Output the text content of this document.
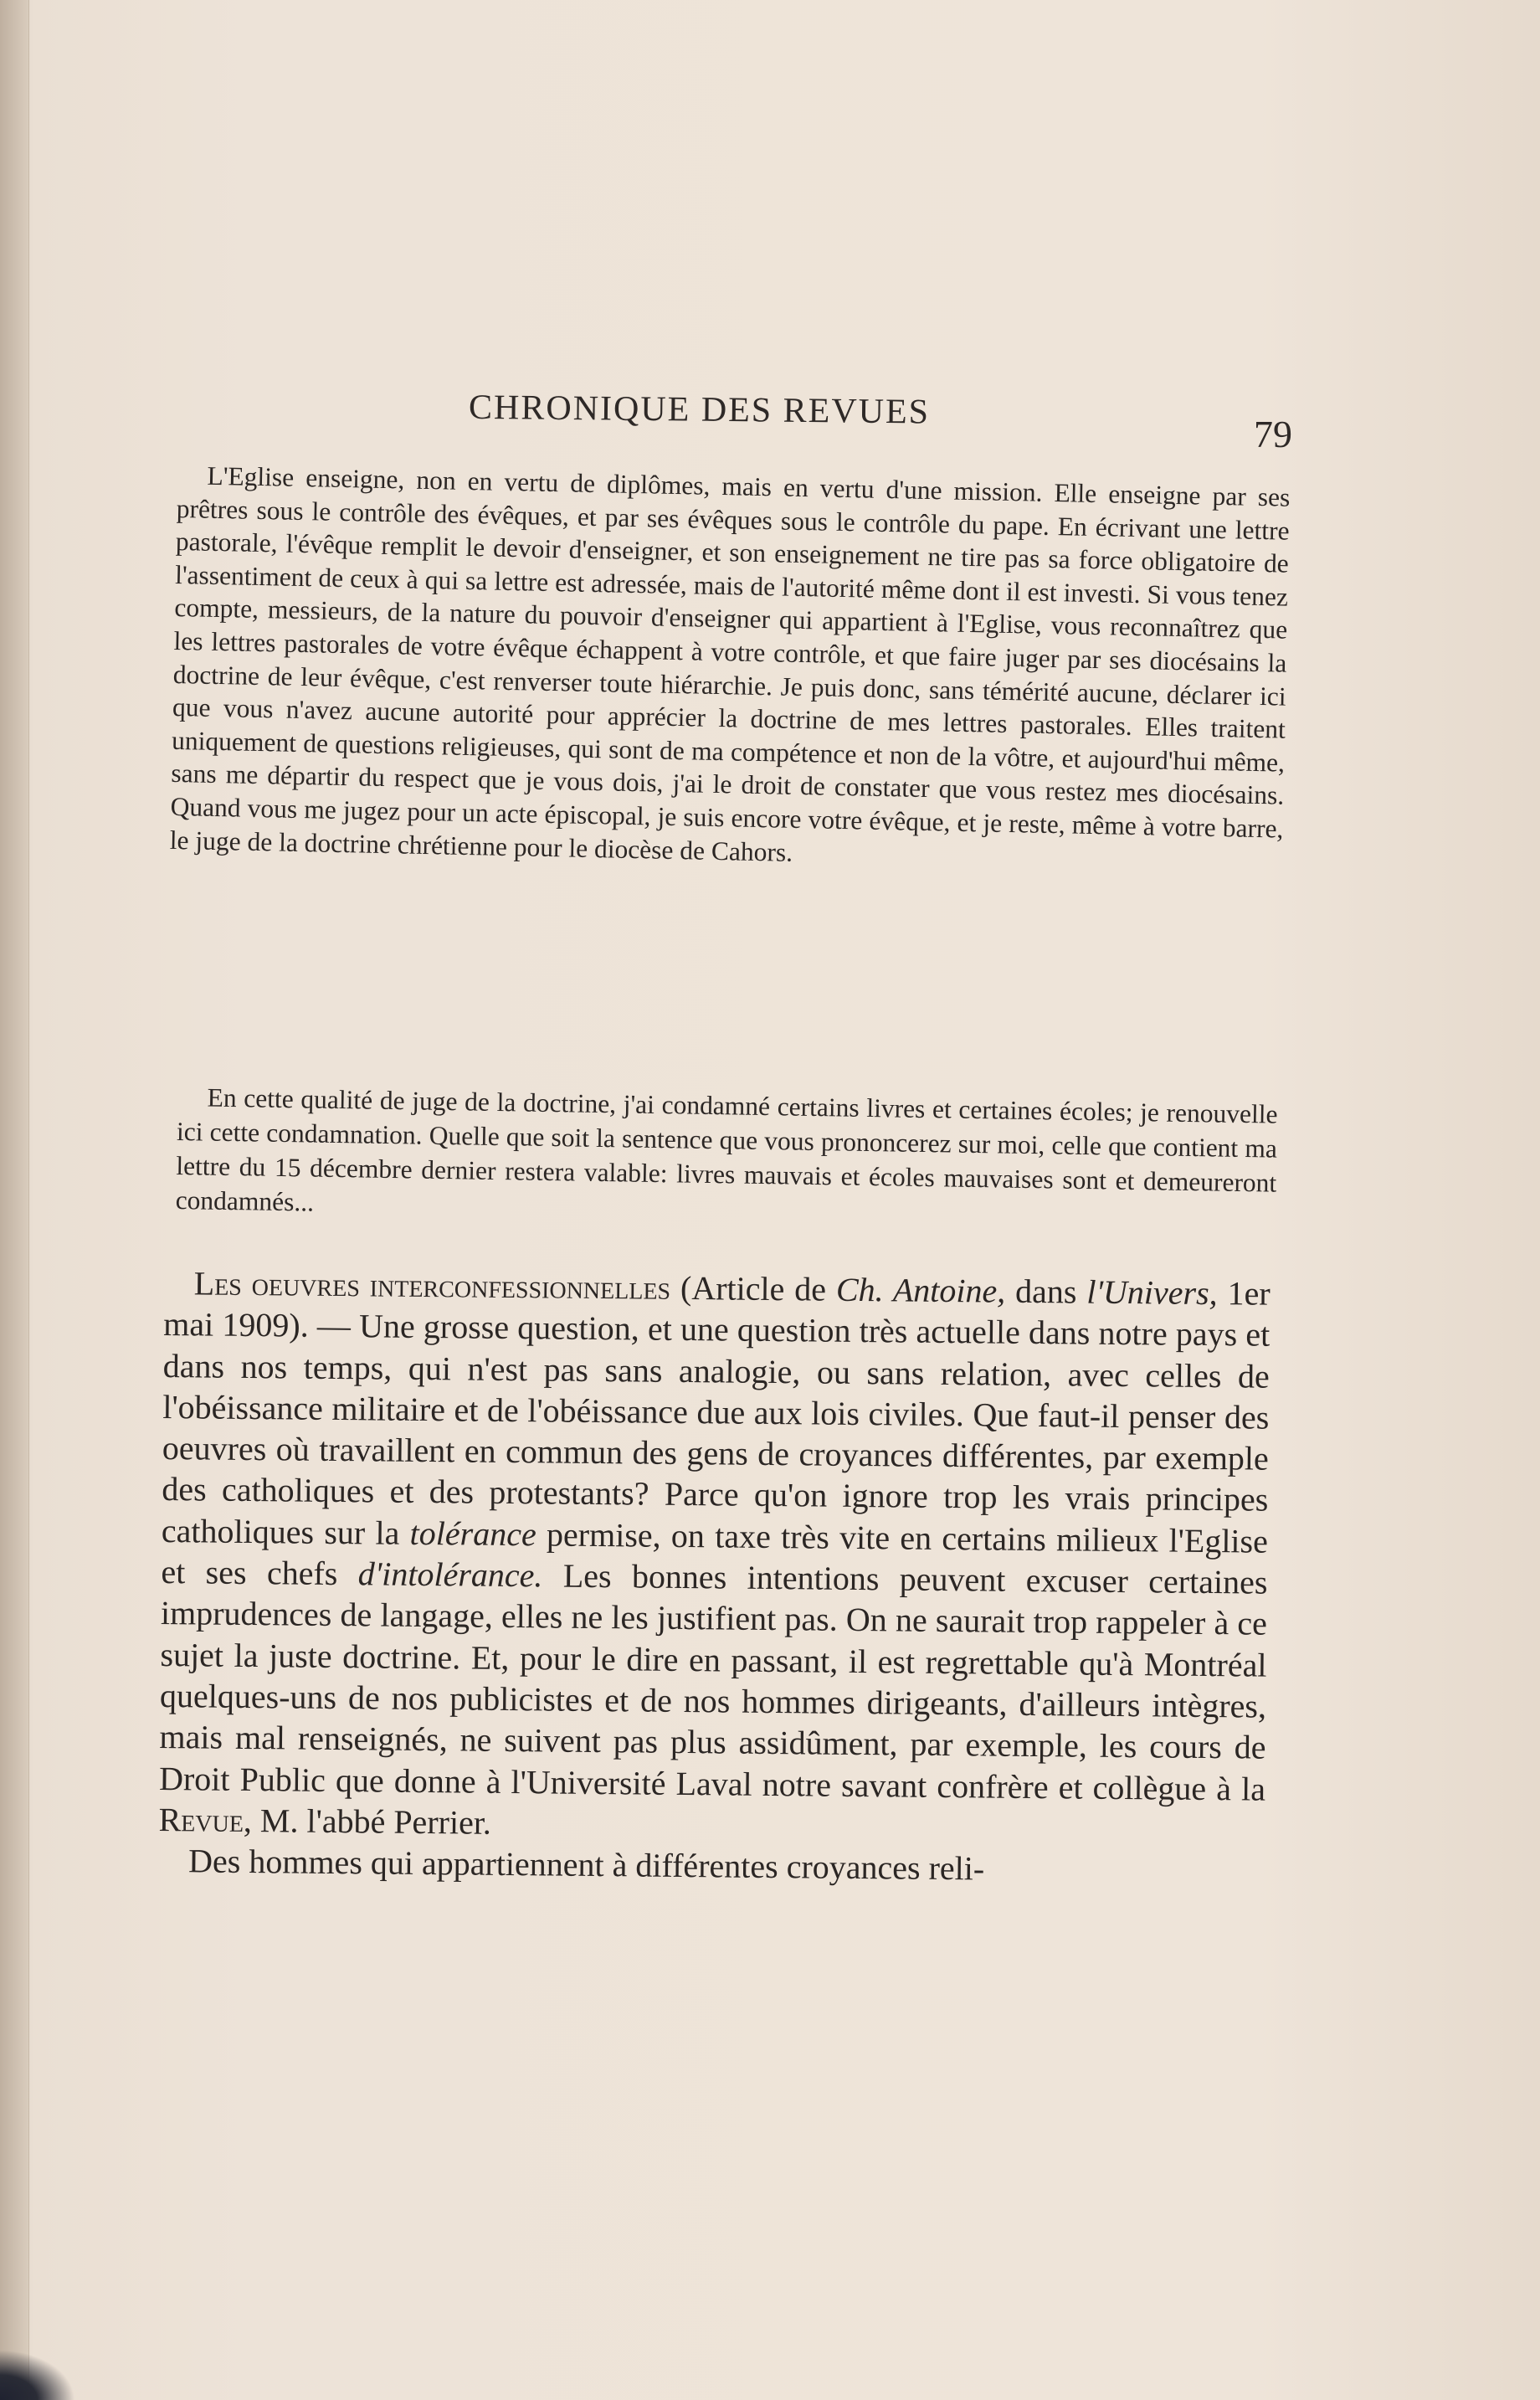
CHRONIQUE DES REVUES
79

L'Eglise enseigne, non en vertu de diplômes, mais en vertu d'une mission. Elle enseigne par ses prêtres sous le contrôle des évêques, et par ses évêques sous le contrôle du pape. En écrivant une lettre pastorale, l'évêque remplit le devoir d'enseigner, et son enseignement ne tire pas sa force obligatoire de l'assentiment de ceux à qui sa lettre est adressée, mais de l'autorité même dont il est investi. Si vous tenez compte, messieurs, de la nature du pouvoir d'enseigner qui appartient à l'Eglise, vous reconnaîtrez que les lettres pastorales de votre évêque échappent à votre contrôle, et que faire juger par ses diocésains la doctrine de leur évêque, c'est renverser toute hiérarchie. Je puis donc, sans témérité aucune, déclarer ici que vous n'avez aucune autorité pour apprécier la doctrine de mes lettres pastorales. Elles traitent uniquement de questions religieuses, qui sont de ma compétence et non de la vôtre, et aujourd'hui même, sans me départir du respect que je vous dois, j'ai le droit de constater que vous restez mes diocésains. Quand vous me jugez pour un acte épiscopal, je suis encore votre évêque, et je reste, même à votre barre, le juge de la doctrine chrétienne pour le diocèse de Cahors.

En cette qualité de juge de la doctrine, j'ai condamné certains livres et certaines écoles; je renouvelle ici cette condamnation. Quelle que soit la sentence que vous prononcerez sur moi, celle que contient ma lettre du 15 décembre dernier restera valable: livres mauvais et écoles mauvaises sont et demeureront condamnés...

Les oeuvres interconfessionnelles (Article de Ch. Antoine, dans l'Univers, 1er mai 1909). — Une grosse question, et une question très actuelle dans notre pays et dans nos temps, qui n'est pas sans analogie, ou sans relation, avec celles de l'obéissance militaire et de l'obéissance due aux lois civiles. Que faut-il penser des oeuvres où travaillent en commun des gens de croyances différentes, par exemple des catholiques et des protestants? Parce qu'on ignore trop les vrais principes catholiques sur la tolérance permise, on taxe très vite en certains milieux l'Eglise et ses chefs d'intolérance. Les bonnes intentions peuvent excuser certaines imprudences de langage, elles ne les justifient pas. On ne saurait trop rappeler à ce sujet la juste doctrine. Et, pour le dire en passant, il est regrettable qu'à Montréal quelques-uns de nos publicistes et de nos hommes dirigeants, d'ailleurs intègres, mais mal renseignés, ne suivent pas plus assidûment, par exemple, les cours de Droit Public que donne à l'Université Laval notre savant confrère et collègue à la Revue, M. l'abbé Perrier.

Des hommes qui appartiennent à différentes croyances reli-
